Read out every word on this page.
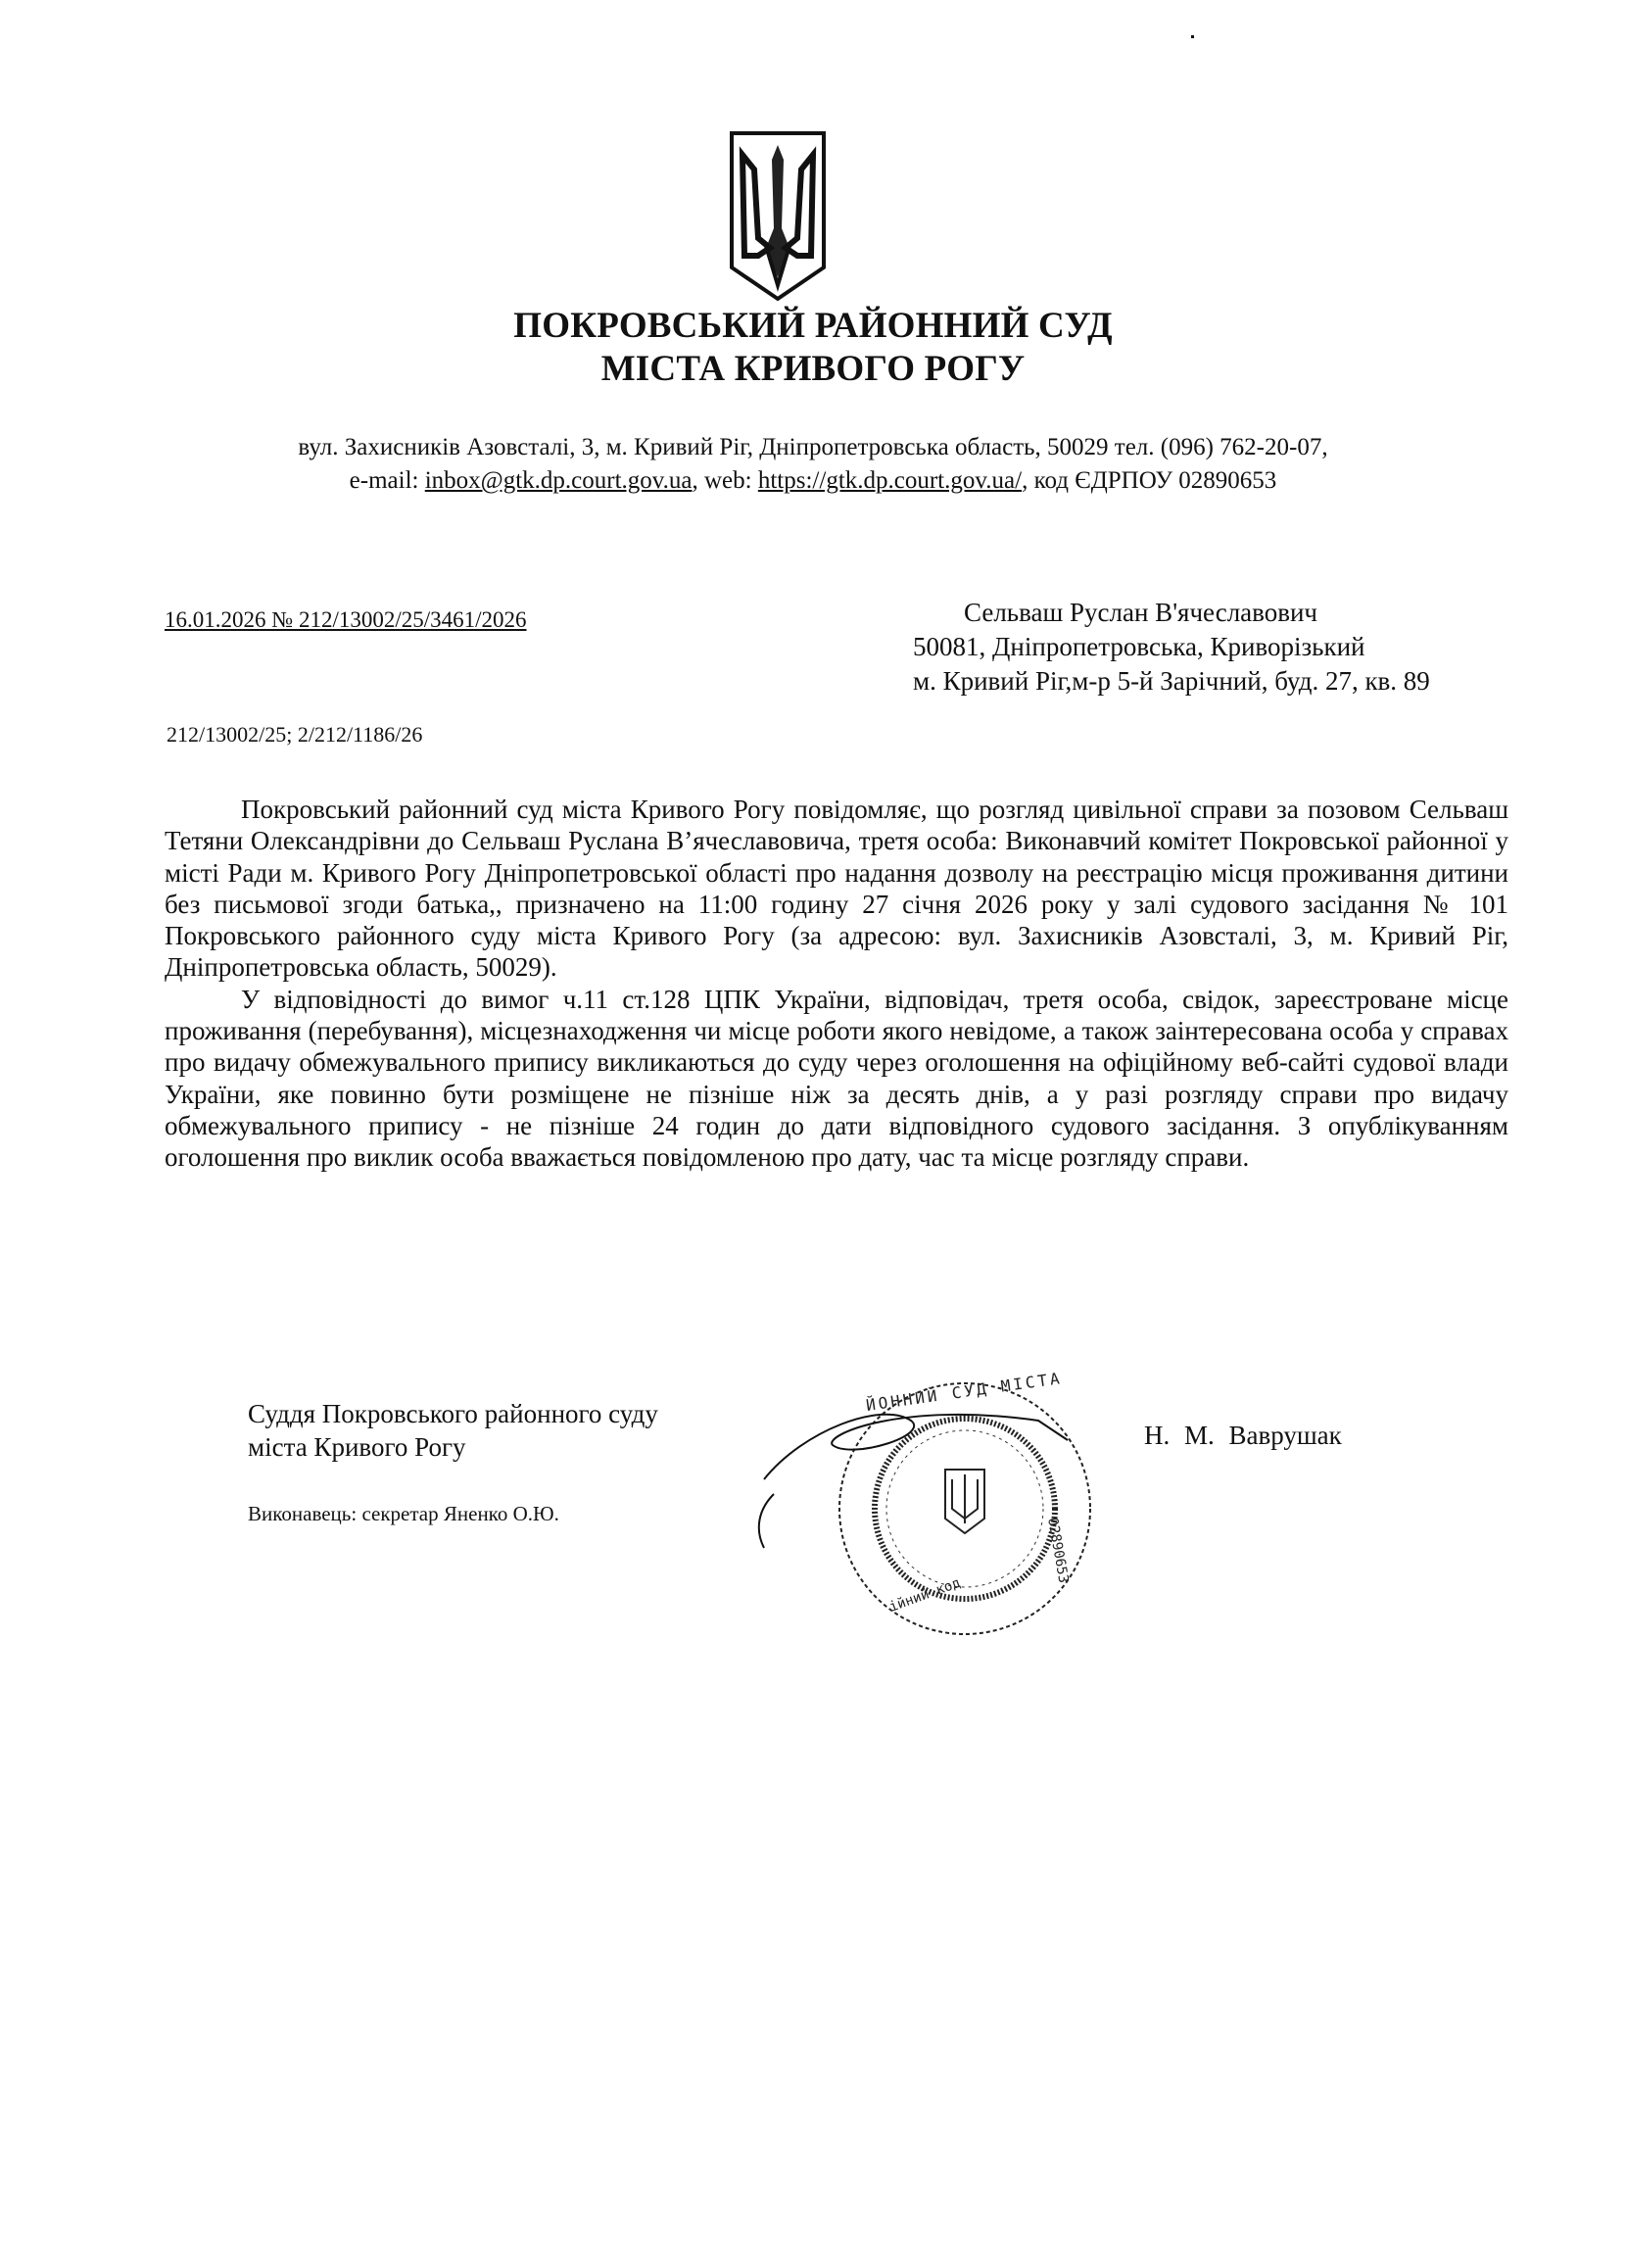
ПОКРОВСЬКИЙ РАЙОННИЙ СУД
МІСТА КРИВОГО РОГУ
вул. Захисників Азовсталі, 3, м. Кривий Ріг, Дніпропетровська область, 50029 тел. (096) 762-20-07,
e-mail: inbox@gtk.dp.court.gov.ua, web: https://gtk.dp.court.gov.ua/, код ЄДРПОУ 02890653
16.01.2026 № 212/13002/25/3461/2026	Сельваш Руслан В'ячеславович
50081, Дніпропетровська, Криворізький
м. Кривий Ріг,м-р 5-й Зарічний, буд. 27, кв. 89
212/13002/25; 2/212/1186/26

Покровський районний суд міста Кривого Рогу повідомляє, що розгляд цивільної справи за позовом Сельваш Тетяни Олександрівни до Сельваш Руслана В’ячеславовича, третя особа: Виконавчий комітет Покровської районної у місті Ради м. Кривого Рогу Дніпропетровської області про надання дозволу на реєстрацію місця проживання дитини без письмової згоди батька,, призначено на 11:00 годину 27 січня 2026 року у залі судового засідання № 101 Покровського районного суду міста Кривого Рогу (за адресою: вул. Захисників Азовсталі, 3, м. Кривий Ріг, Дніпропетровська область, 50029).

У відповідності до вимог ч.11 ст.128 ЦПК України, відповідач, третя особа, свідок, зареєстроване місце проживання (перебування), місцезнаходження чи місце роботи якого невідоме, а також заінтересована особа у справах про видачу обмежувального припису викликаються до суду через оголошення на офіційному веб-сайті судової влади України, яке повинно бути розміщене не пізніше ніж за десять днів, а у разі розгляду справи про видачу обмежувального припису - не пізніше 24 годин до дати відповідного судового засідання. З опублікуванням оголошення про виклик особа вважається повідомленою про дату, час та місце розгляду справи.

Суддя Покровського районного суду
міста Кривого Рогу
Виконавець: секретар Яненко О.Ю.
ЙОННИЙ СУД МІСТА
02890653
ійний код
Н. М. Ваврушак
